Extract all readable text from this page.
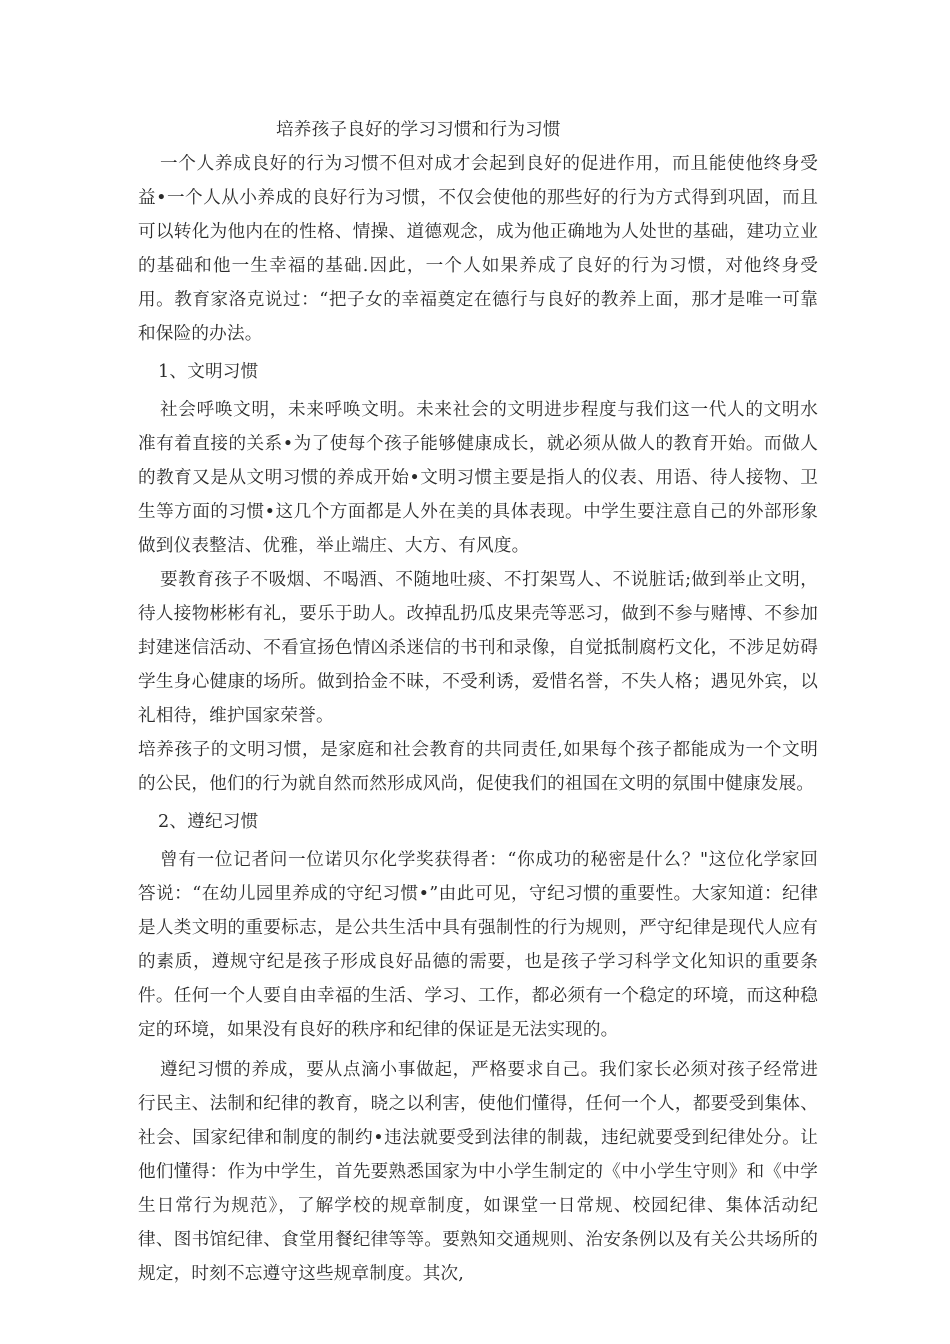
培养孩子良好的学习习惯和行为习惯

一个人养成良好的行为习惯不但对成才会起到良好的促进作用，而且能使他终身受益•一个人从小养成的良好行为习惯，不仅会使他的那些好的行为方式得到巩固，而且可以转化为他内在的性格、情操、道德观念，成为他正确地为人处世的基础，建功立业的基础和他一生幸福的基础.因此，一个人如果养成了良好的行为习惯，对他终身受用。教育家洛克说过：“把子女的幸福奠定在德行与良好的教养上面，那才是唯一可靠和保险的办法。

1、文明习惯

社会呼唤文明，未来呼唤文明。未来社会的文明进步程度与我们这一代人的文明水准有着直接的关系•为了使每个孩子能够健康成长，就必须从做人的教育开始。而做人的教育又是从文明习惯的养成开始•文明习惯主要是指人的仪表、用语、待人接物、卫生等方面的习惯•这几个方面都是人外在美的具体表现。中学生要注意自己的外部形象做到仪表整洁、优雅，举止端庄、大方、有风度。

要教育孩子不吸烟、不喝酒、不随地吐痰、不打架骂人、不说脏话;做到举止文明，待人接物彬彬有礼，要乐于助人。改掉乱扔瓜皮果壳等恶习，做到不参与赌博、不参加封建迷信活动、不看宣扬色情凶杀迷信的书刊和录像，自觉抵制腐朽文化，不涉足妨碍学生身心健康的场所。做到拾金不昧，不受利诱，爱惜名誉，不失人格；遇见外宾，以礼相待，维护国家荣誉。

培养孩子的文明习惯，是家庭和社会教育的共同责任,如果每个孩子都能成为一个文明的公民，他们的行为就自然而然形成风尚，促使我们的祖国在文明的氛围中健康发展。

2、遵纪习惯

曾有一位记者问一位诺贝尔化学奖获得者：“你成功的秘密是什么？"这位化学家回答说：“在幼儿园里养成的守纪习惯•”由此可见，守纪习惯的重要性。大家知道：纪律是人类文明的重要标志，是公共生活中具有强制性的行为规则，严守纪律是现代人应有的素质，遵规守纪是孩子形成良好品德的需要，也是孩子学习科学文化知识的重要条件。任何一个人要自由幸福的生活、学习、工作，都必须有一个稳定的环境，而这种稳定的环境，如果没有良好的秩序和纪律的保证是无法实现的。

遵纪习惯的养成，要从点滴小事做起，严格要求自己。我们家长必须对孩子经常进行民主、法制和纪律的教育，晓之以利害，使他们懂得，任何一个人，都要受到集体、社会、国家纪律和制度的制约•违法就要受到法律的制裁，违纪就要受到纪律处分。让他们懂得：作为中学生，首先要熟悉国家为中小学生制定的《中小学生守则》和《中学生日常行为规范》，了解学校的规章制度，如课堂一日常规、校园纪律、集体活动纪律、图书馆纪律、食堂用餐纪律等等。要熟知交通规则、治安条例以及有关公共场所的规定，时刻不忘遵守这些规章制度。其次,
